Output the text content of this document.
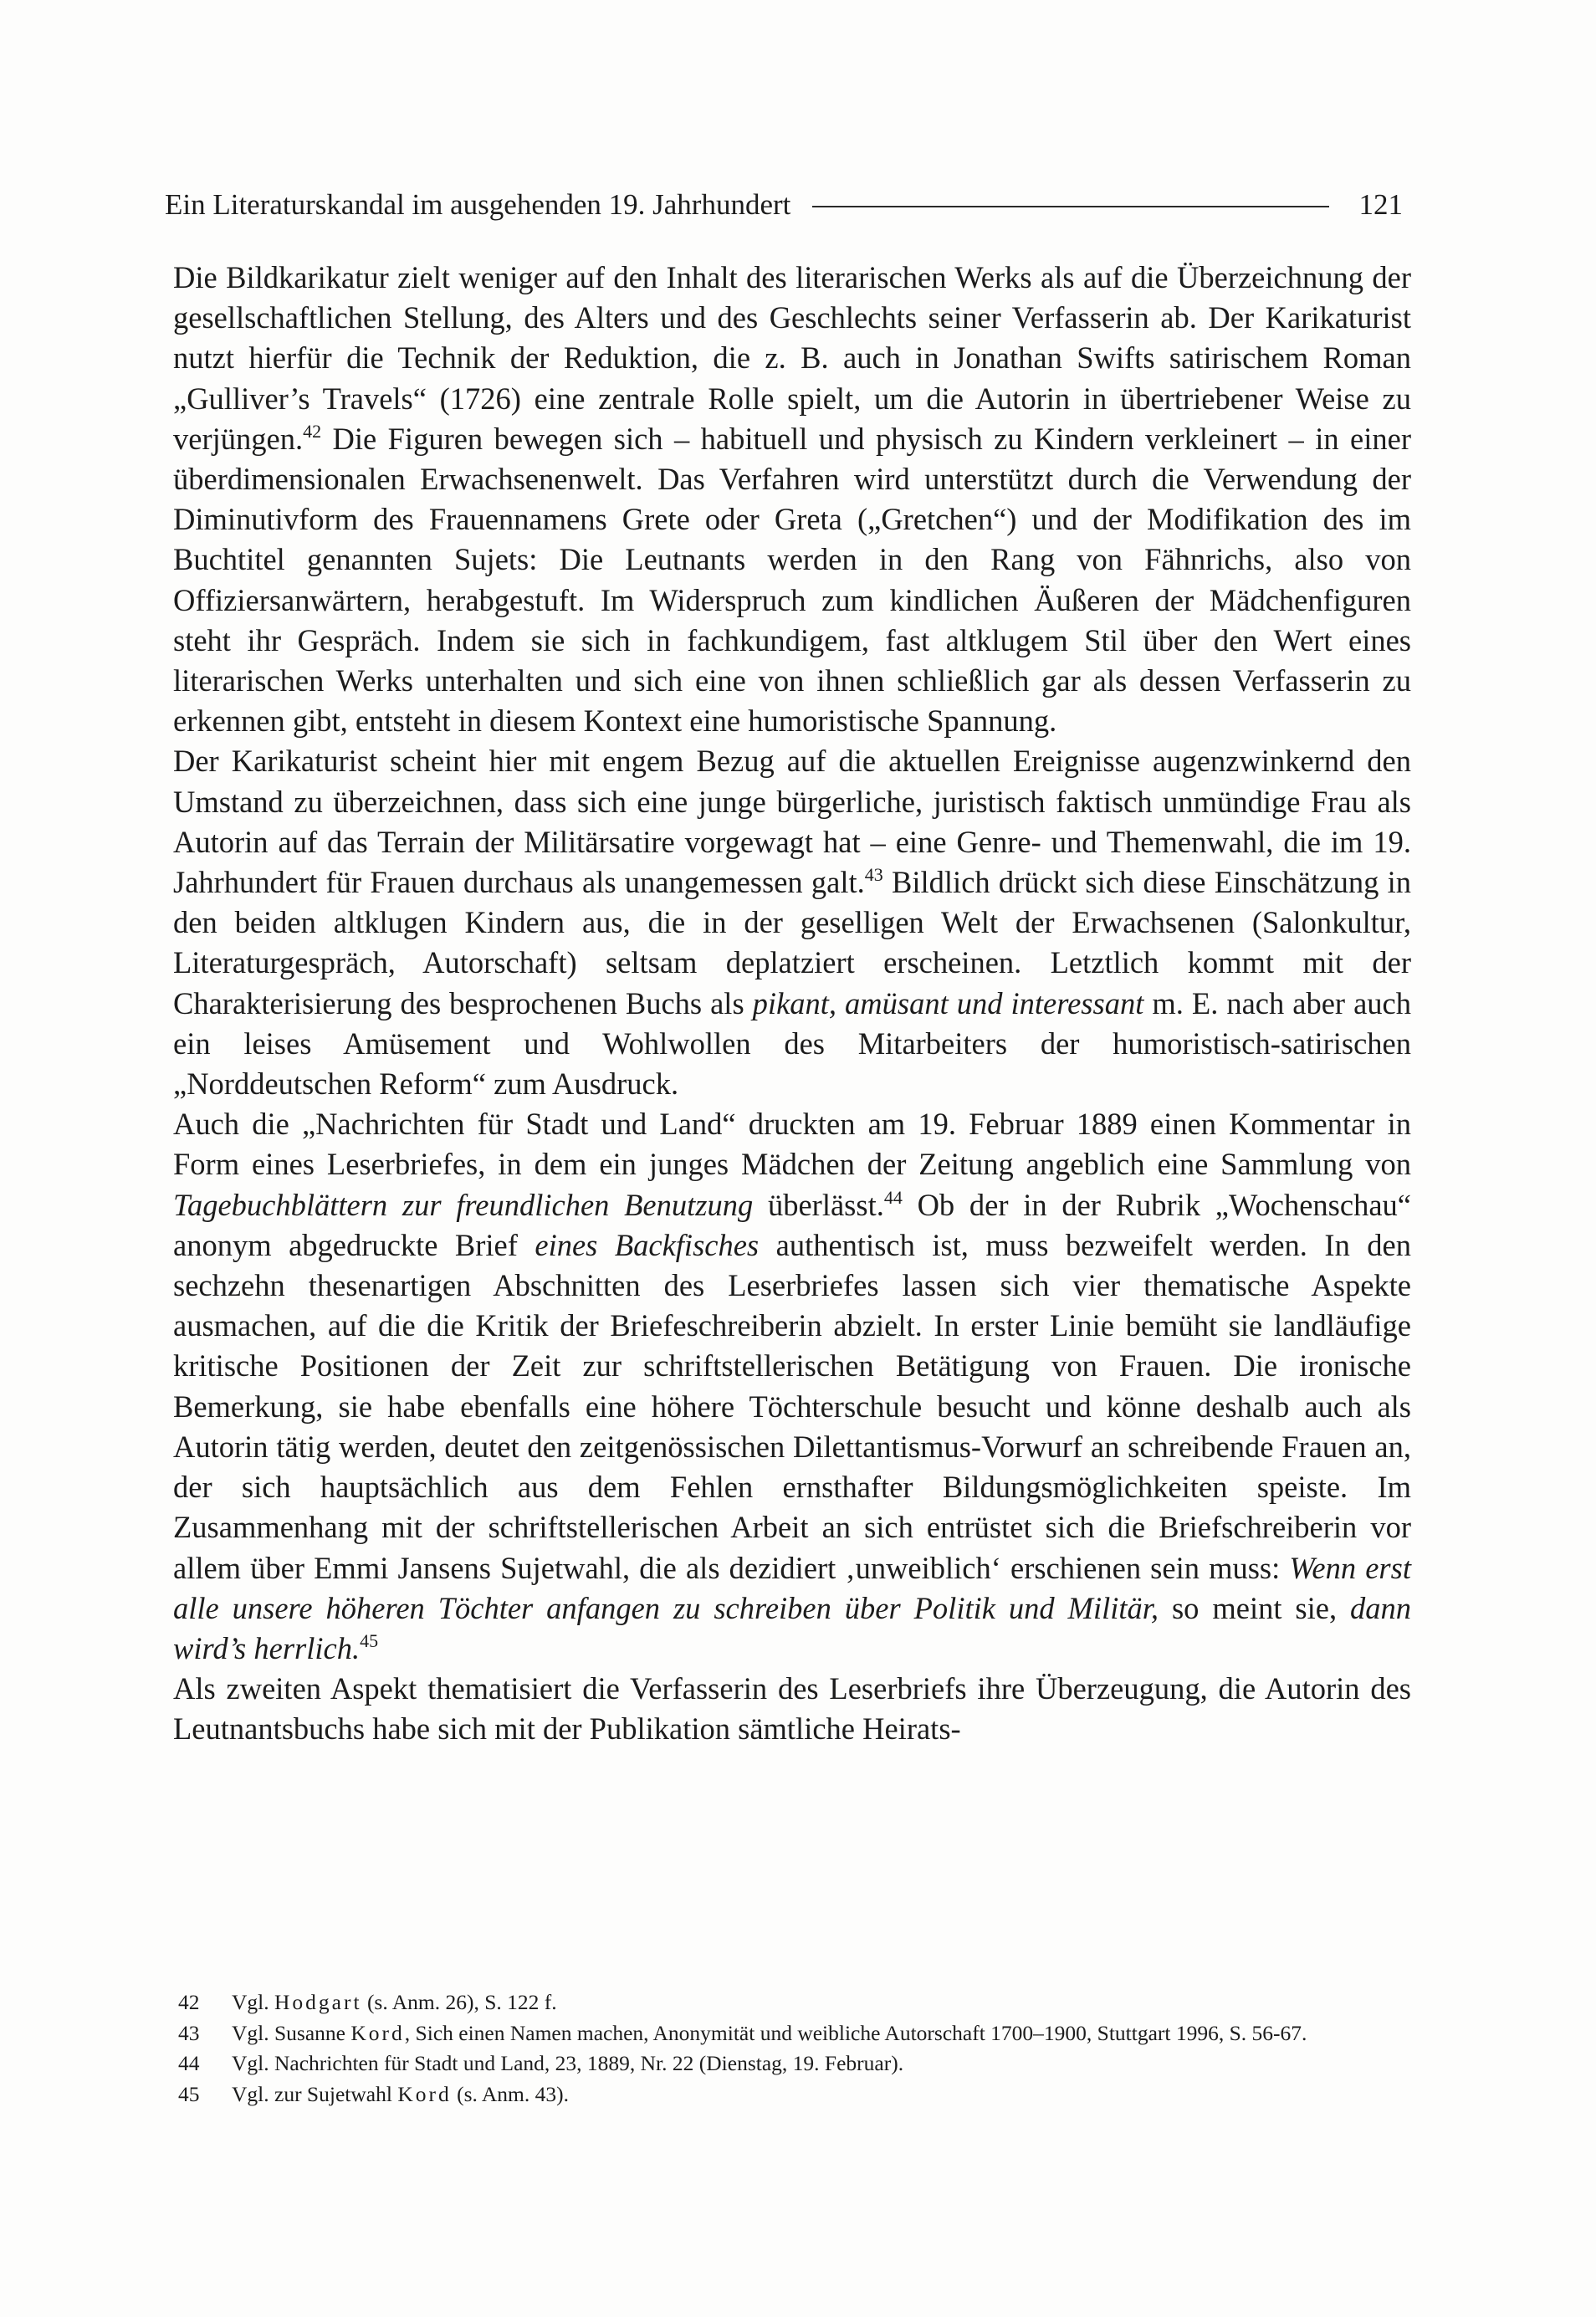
Ein Literaturskandal im ausgehenden 19. Jahrhundert	121

Die Bildkarikatur zielt weniger auf den Inhalt des literarischen Werks als auf die Überzeichnung der gesellschaftlichen Stellung, des Alters und des Geschlechts seiner Verfasserin ab. Der Karikaturist nutzt hierfür die Technik der Reduktion, die z. B. auch in Jonathan Swifts satirischem Roman „Gulliver’s Travels“ (1726) eine zentrale Rolle spielt, um die Autorin in übertriebener Weise zu verjüngen.$^{42}$ Die Figuren bewegen sich – habituell und physisch zu Kindern verkleinert – in einer überdimensionalen Erwachsenenwelt. Das Verfahren wird unterstützt durch die Verwendung der Diminutivform des Frauennamens Grete oder Greta („Gretchen“) und der Modifikation des im Buchtitel genannten Sujets: Die Leutnants werden in den Rang von Fähnrichs, also von Offiziersanwärtern, herabgestuft. Im Widerspruch zum kindlichen Äußeren der Mädchenfiguren steht ihr Gespräch. Indem sie sich in fachkundigem, fast altklugem Stil über den Wert eines literarischen Werks unterhalten und sich eine von ihnen schließlich gar als dessen Verfasserin zu erkennen gibt, entsteht in diesem Kontext eine humoristische Spannung.

Der Karikaturist scheint hier mit engem Bezug auf die aktuellen Ereignisse augenzwinkernd den Umstand zu überzeichnen, dass sich eine junge bürgerliche, juristisch faktisch unmündige Frau als Autorin auf das Terrain der Militärsatire vorgewagt hat – eine Genre- und Themenwahl, die im 19. Jahrhundert für Frauen durchaus als unangemessen galt.$^{43}$ Bildlich drückt sich diese Einschätzung in den beiden altklugen Kindern aus, die in der geselligen Welt der Erwachsenen (Salonkultur, Literaturgespräch, Autorschaft) seltsam deplatziert erscheinen. Letztlich kommt mit der Charakterisierung des besprochenen Buchs als pikant, amüsant und interessant m. E. nach aber auch ein leises Amüsement und Wohlwollen des Mitarbeiters der humoristisch-satirischen „Norddeutschen Reform“ zum Ausdruck.

Auch die „Nachrichten für Stadt und Land“ druckten am 19. Februar 1889 einen Kommentar in Form eines Leserbriefes, in dem ein junges Mädchen der Zeitung angeblich eine Sammlung von Tagebuchblättern zur freundlichen Benutzung überlässt.$^{44}$ Ob der in der Rubrik „Wochenschau“ anonym abgedruckte Brief eines Backfisches authentisch ist, muss bezweifelt werden. In den sechzehn thesenartigen Abschnitten des Leserbriefes lassen sich vier thematische Aspekte ausmachen, auf die die Kritik der Briefeschreiberin abzielt. In erster Linie bemüht sie landläufige kritische Positionen der Zeit zur schriftstellerischen Betätigung von Frauen. Die ironische Bemerkung, sie habe ebenfalls eine höhere Töchterschule besucht und könne deshalb auch als Autorin tätig werden, deutet den zeitgenössischen Dilettantismus-Vorwurf an schreibende Frauen an, der sich hauptsächlich aus dem Fehlen ernsthafter Bildungsmöglichkeiten speiste. Im Zusammenhang mit der schriftstellerischen Arbeit an sich entrüstet sich die Briefschreiberin vor allem über Emmi Jansens Sujetwahl, die als dezidiert ‚unweiblich‘ erschienen sein muss: Wenn erst alle unsere höheren Töchter anfangen zu schreiben über Politik und Militär, so meint sie, dann wird’s herrlich.$^{45}$

Als zweiten Aspekt thematisiert die Verfasserin des Leserbriefs ihre Überzeugung, die Autorin des Leutnantsbuchs habe sich mit der Publikation sämtliche Heirats-

42	Vgl. Hodgart (s. Anm. 26), S. 122 f.
43	Vgl. Susanne Kord, Sich einen Namen machen, Anonymität und weibliche Autorschaft 1700–1900, Stuttgart 1996, S. 56-67.
44	Vgl. Nachrichten für Stadt und Land, 23, 1889, Nr. 22 (Dienstag, 19. Februar).
45	Vgl. zur Sujetwahl Kord (s. Anm. 43).
